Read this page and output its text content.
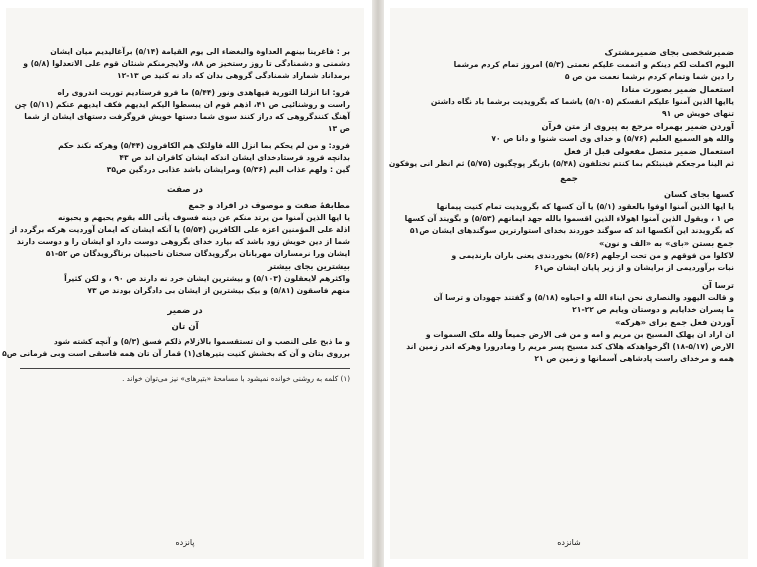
بر : فاغرینا بینهم العداوة والبغضاء الی یوم القیامة (۵/۱۴) برآغالیدیم میان ایشان
دشمنی و دشمنادگی تا روز رستخیز ص ۸۸، ولایجرمنکم شنئان قوم علی الاتعدلوا (۵/۸) و
برمداناد شماراد شمنادگی گروهی بدان که داد نه کنید ص ۱۳-۱۲
فرو: انا انزلنا التوریة فیهاهدی ونور (۵/۴۴) ما فرو فرستادیم توریت اندروی راه
راست و روشنائیی ص ۴۱، اذهم قوم ان یبسطوا الیکم ایدیهم فکف ایدیهم عنکم (۵/۱۱) چن
آهنگ کنندگروهی که دراز کنند سوی شما دستها خویش فروگرفت دستهای ایشان از شما
ص ۱۳
فرود: و من لم یحکم بما انزل الله فاولئک هم الکافرون (۵/۴۴) وهرکه نکند حکم
بدانچه فرود فرستادخدای ایشان اندکه ایشان کافران اند ص ۴۳
گین : ولهم عذاب الیم (۵/۳۶) ومرایشان باشد عذابی دردگین ص۳۵
در صفت
مطابقهٔ صفت و موصوف در افراد و جمع
یا ایها الذین آمنوا من یرتد منکم عن دینه فسوف یأتی الله بقوم یحبهم و یحبونه
اذلة علی المؤمنین اعزة علی الکافرین (۵/۵۴) یا آنکه ایشان که ایمان آوردیت هرکه برگردد از
شما از دین خویش زود باشد که بیارد خدای بگروهی دوست دارد او ایشان را و دوست دارند
ایشان ورا نرمساران مهربانان برگرویدگان سختان ناحبیبان برناگرویدگان ص ۵۲-۵۱
بیشترین بجای بیشتر
واکثرهم لایعقلون (۵/۱۰۳) و بیشترین ایشان خرد نه دارند ص ۹۰ ، و لکن کثیراً
منهم فاسقون (۵/۸۱) و بیک بیشترین از ایشان بی دادگران بودند ص ۷۳
در ضمیر
آن تان
و ما ذبح علی النصب و ان تستقسموا بالازلام ذلکم فسق (۵/۳) و آنچه کشته شود
برروی بتان و آن که بخشش کنیت بتیرهای(۱) قمار آن تان همه فاسقی است وبی فرمانی ص۵
(۱) کلمه به روشنی خوانده نمیشود با مسامحهٔ «بتیرهای» نیز می‌توان خواند .
پانزده
ضمیرشخصی بجای ضمیرمشترک
الیوم اکملت لکم دینکم و اتممت علیکم نعمتی (۵/۳) امروز تمام کردم مرشما
را دین شما وتمام کردم برشما نعمت من ص ۵
استعمال ضمیر بصورت منادا
یاایها الذین آمنوا علیکم انفسکم (۵/۱۰۵) یاشما که بگرویدیت برشما باد نگاه داشتن
تنهای خویش ص ۹۱
آوردن ضمیر بهمراه مرجع به پیروی از متن قرآن
والله هو السمیع العلیم (۵/۷۶) و خدای وی است شنوا و دانا ص ۷۰
استعمال ضمیر متصل مفعولی قبل از فعل
ثم الینا مرجعکم فینبئکم بما کنتم تختلفون (۵/۴۸) بازبگر پوچگیون (۵/۷۵) ثم انظر انی یوفکون
جمع
کسها بجای کسان
یا ایها الذین آمنوا اوفوا بالعقود (۵/۱) یا آن کسها که بگرویدیت تمام کنیت پیمانها
ص ۱ ، ویقول الذین آمنوا اهولاء الذین اقسموا بالله جهد ایمانهم (۵/۵۳) و بگویند آن کسها
که بگرویدند این آنکسها اند که سوگند خوردند بخدای استوارترین سوگندهای ایشان ص۵۱
جمع بستن «بای» به «الف و نون»
لاکلوا من فوقهم و من تحت ارجلهم (۵/۶۶) بخوردندی یعنی باران بارندیمی و
نبات برآوردیمی از برایشان و از زیر پایان ایشان ص۶۱
ترسا آن
و قالت الیهود والنصاری نحن ابناء الله و احباوه (۵/۱۸) و گفتند جهودان و ترسا آن
ما پسران خدایایم و دوستان ویایم ص ۲۲-۲۱
آوردن فعل جمع برای «هرکه»
ان اراد ان یهلک المسیح بن مریم و امه و من فی الارض جمیعاً ولله ملک السموات و
الارض (۵/۱۷-۱۸) اگرخواهدکه هلاک کند مسیح پسر مریم را ومادرورا وهرکه اندر زمین اند
همه و مرخدای راست پادشاهی آسمانها و زمین ص ۲۱
شانزده
